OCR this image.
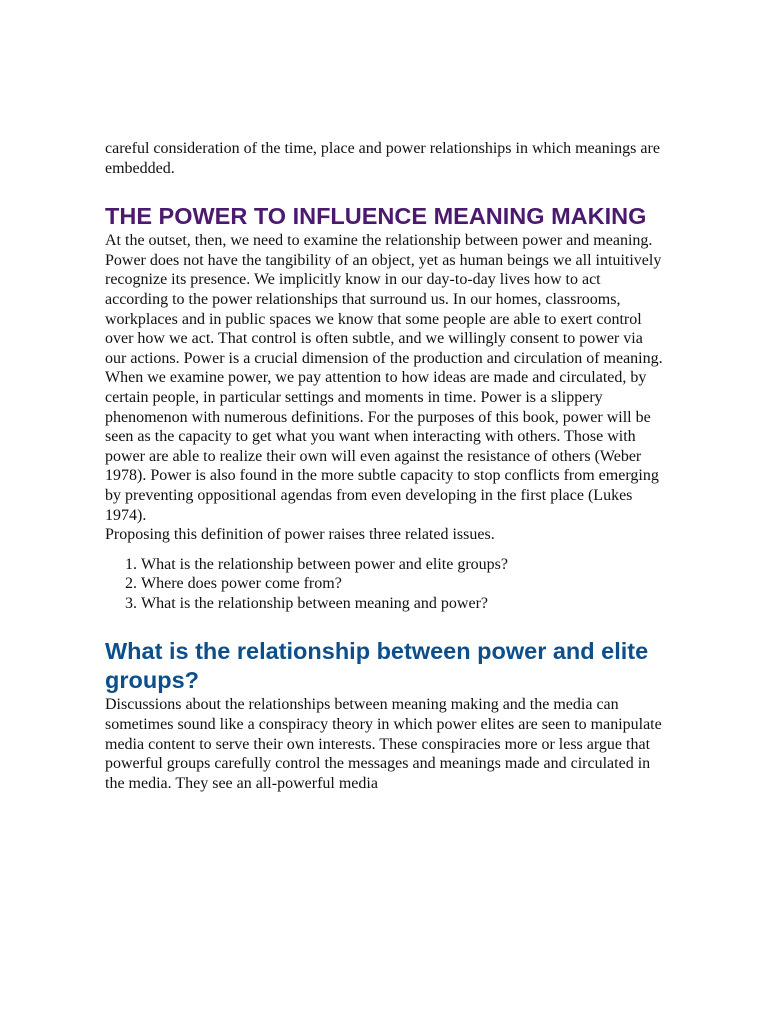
careful consideration of the time, place and power relationships in which meanings are embedded.

THE POWER TO INFLUENCE MEANING MAKING

At the outset, then, we need to examine the relationship between power and meaning. Power does not have the tangibility of an object, yet as human beings we all intuitively recognize its presence. We implicitly know in our day-to-day lives how to act according to the power relationships that surround us. In our homes, classrooms, workplaces and in public spaces we know that some people are able to exert control over how we act. That control is often subtle, and we willingly consent to power via our actions. Power is a crucial dimension of the production and circulation of meaning. When we examine power, we pay attention to how ideas are made and circulated, by certain people, in particular settings and moments in time. Power is a slippery phenomenon with numerous definitions. For the purposes of this book, power will be seen as the capacity to get what you want when interacting with others. Those with power are able to realize their own will even against the resistance of others (Weber 1978). Power is also found in the more subtle capacity to stop conflicts from emerging by preventing oppositional agendas from even developing in the first place (Lukes 1974).

Proposing this definition of power raises three related issues.

1. What is the relationship between power and elite groups?
2. Where does power come from?
3. What is the relationship between meaning and power?
What is the relationship between power and elite groups?

Discussions about the relationships between meaning making and the media can sometimes sound like a conspiracy theory in which power elites are seen to manipulate media content to serve their own interests. These conspiracies more or less argue that powerful groups carefully control the messages and meanings made and circulated in the media. They see an all-powerful media
